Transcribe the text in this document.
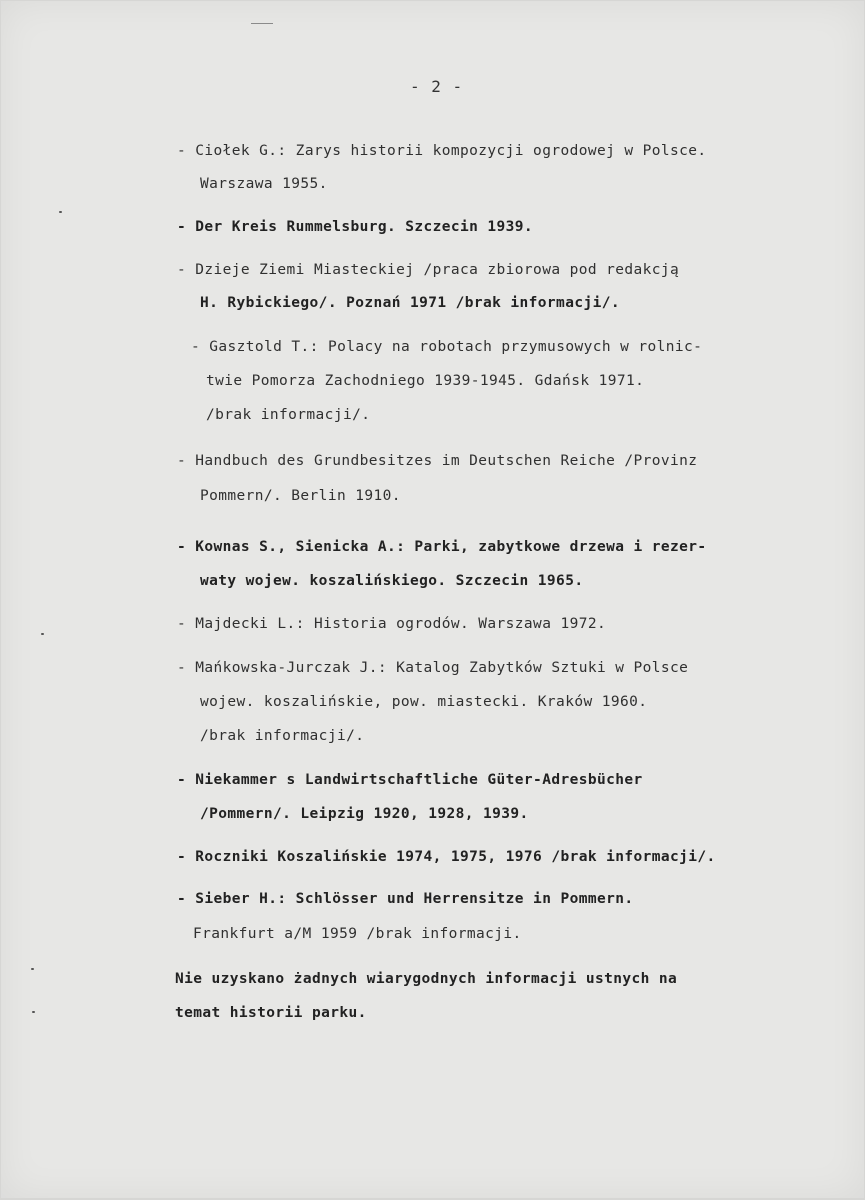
- 2 -
- Ciołek G.: Zarys historii kompozycji ogrodowej w Polsce.
Warszawa 1955.
- Der Kreis Rummelsburg. Szczecin 1939.
- Dzieje Ziemi Miasteckiej /praca zbiorowa pod redakcją
H. Rybickiego/. Poznań 1971 /brak informacji/.
- Gasztold T.: Polacy na robotach przymusowych w rolnic-
twie Pomorza Zachodniego 1939-1945. Gdańsk 1971.
/brak informacji/.
- Handbuch des Grundbesitzes im Deutschen Reiche /Provinz
Pommern/. Berlin 1910.
- Kownas S., Sienicka A.: Parki, zabytkowe drzewa i rezer-
waty wojew. koszalińskiego. Szczecin 1965.
- Majdecki L.: Historia ogrodów. Warszawa 1972.
- Mańkowska-Jurczak J.: Katalog Zabytków Sztuki w Polsce
wojew. koszalińskie, pow. miastecki. Kraków 1960.
/brak informacji/.
- Niekammer s Landwirtschaftliche Güter-Adresbücher
/Pommern/. Leipzig 1920, 1928, 1939.
- Roczniki Koszalińskie 1974, 1975, 1976 /brak informacji/.
- Sieber H.: Schlösser und Herrensitze in Pommern.
Frankfurt a/M 1959 /brak informacji.
Nie uzyskano żadnych wiarygodnych informacji ustnych na
temat historii parku.
